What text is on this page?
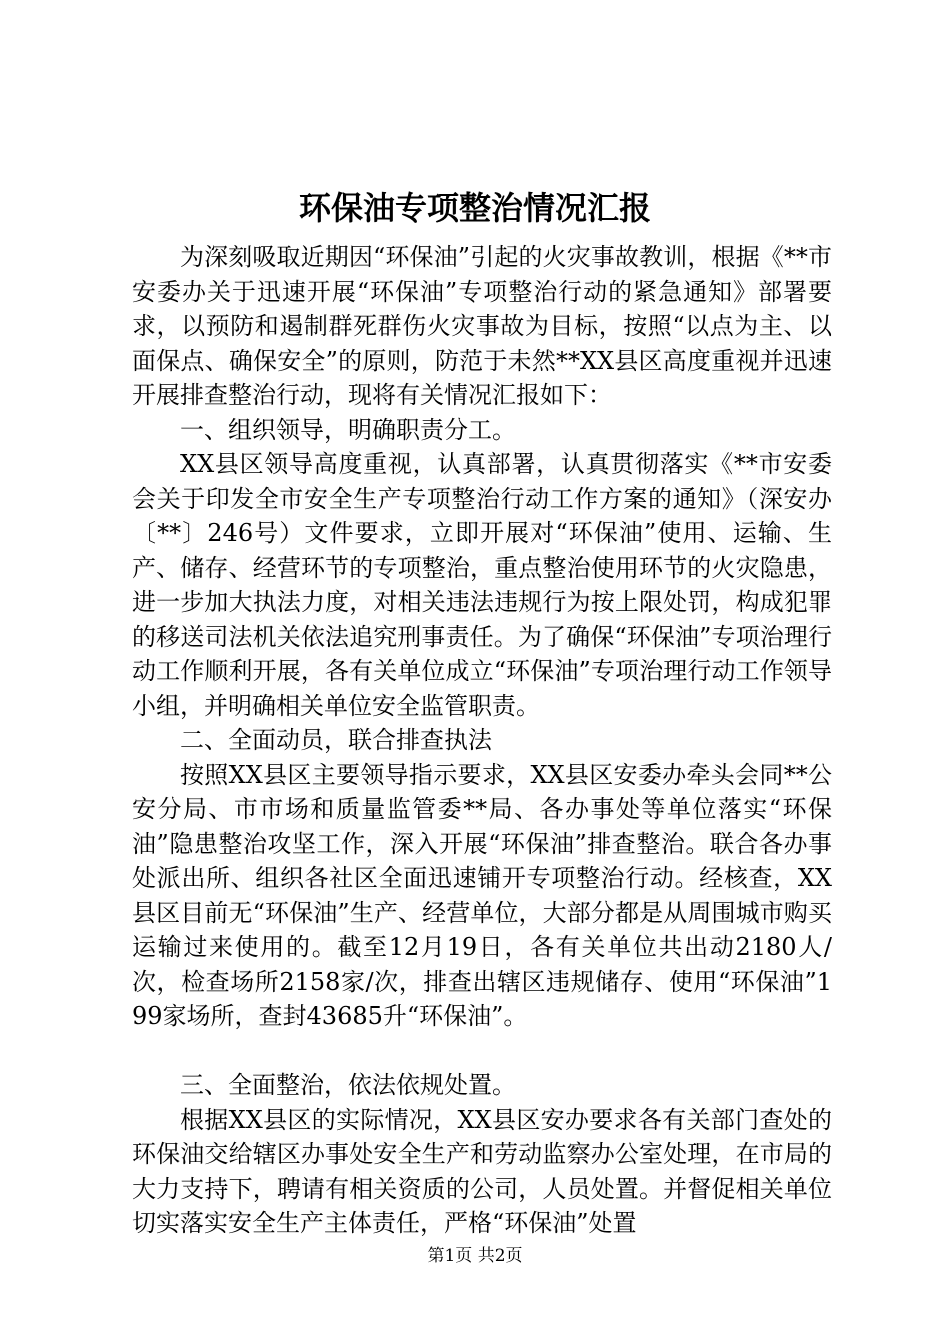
环保油专项整治情况汇报

为深刻吸取近期因“环保油”引起的火灾事故教训，根据《**市安委办关于迅速开展“环保油”专项整治行动的紧急通知》部署要求，以预防和遏制群死群伤火灾事故为目标，按照“以点为主、以面保点、确保安全”的原则，防范于未然**XX县区高度重视并迅速开展排查整治行动，现将有关情况汇报如下：

一、组织领导，明确职责分工。

XX县区领导高度重视，认真部署，认真贯彻落实《**市安委会关于印发全市安全生产专项整治行动工作方案的通知》（深安办〔**〕246号）文件要求，立即开展对“环保油”使用、运输、生产、储存、经营环节的专项整治，重点整治使用环节的火灾隐患，进一步加大执法力度，对相关违法违规行为按上限处罚，构成犯罪的移送司法机关依法追究刑事责任。为了确保“环保油”专项治理行动工作顺利开展，各有关单位成立“环保油”专项治理行动工作领导小组，并明确相关单位安全监管职责。

二、全面动员，联合排查执法

按照XX县区主要领导指示要求，XX县区安委办牵头会同**公安分局、市市场和质量监管委**局、各办事处等单位落实“环保油”隐患整治攻坚工作，深入开展“环保油”排查整治。联合各办事处派出所、组织各社区全面迅速铺开专项整治行动。经核查，XX县区目前无“环保油”生产、经营单位，大部分都是从周围城市购买运输过来使用的。截至12月19日，各有关单位共出动2180人/次，检查场所2158家/次，排查出辖区违规储存、使用“环保油”199家场所，查封43685升“环保油”。

三、全面整治，依法依规处置。

根据XX县区的实际情况，XX县区安办要求各有关部门查处的环保油交给辖区办事处安全生产和劳动监察办公室处理，在市局的大力支持下，聘请有相关资质的公司，人员处置。并督促相关单位切实落实安全生产主体责任，严格“环保油”处置

第1页 共2页
